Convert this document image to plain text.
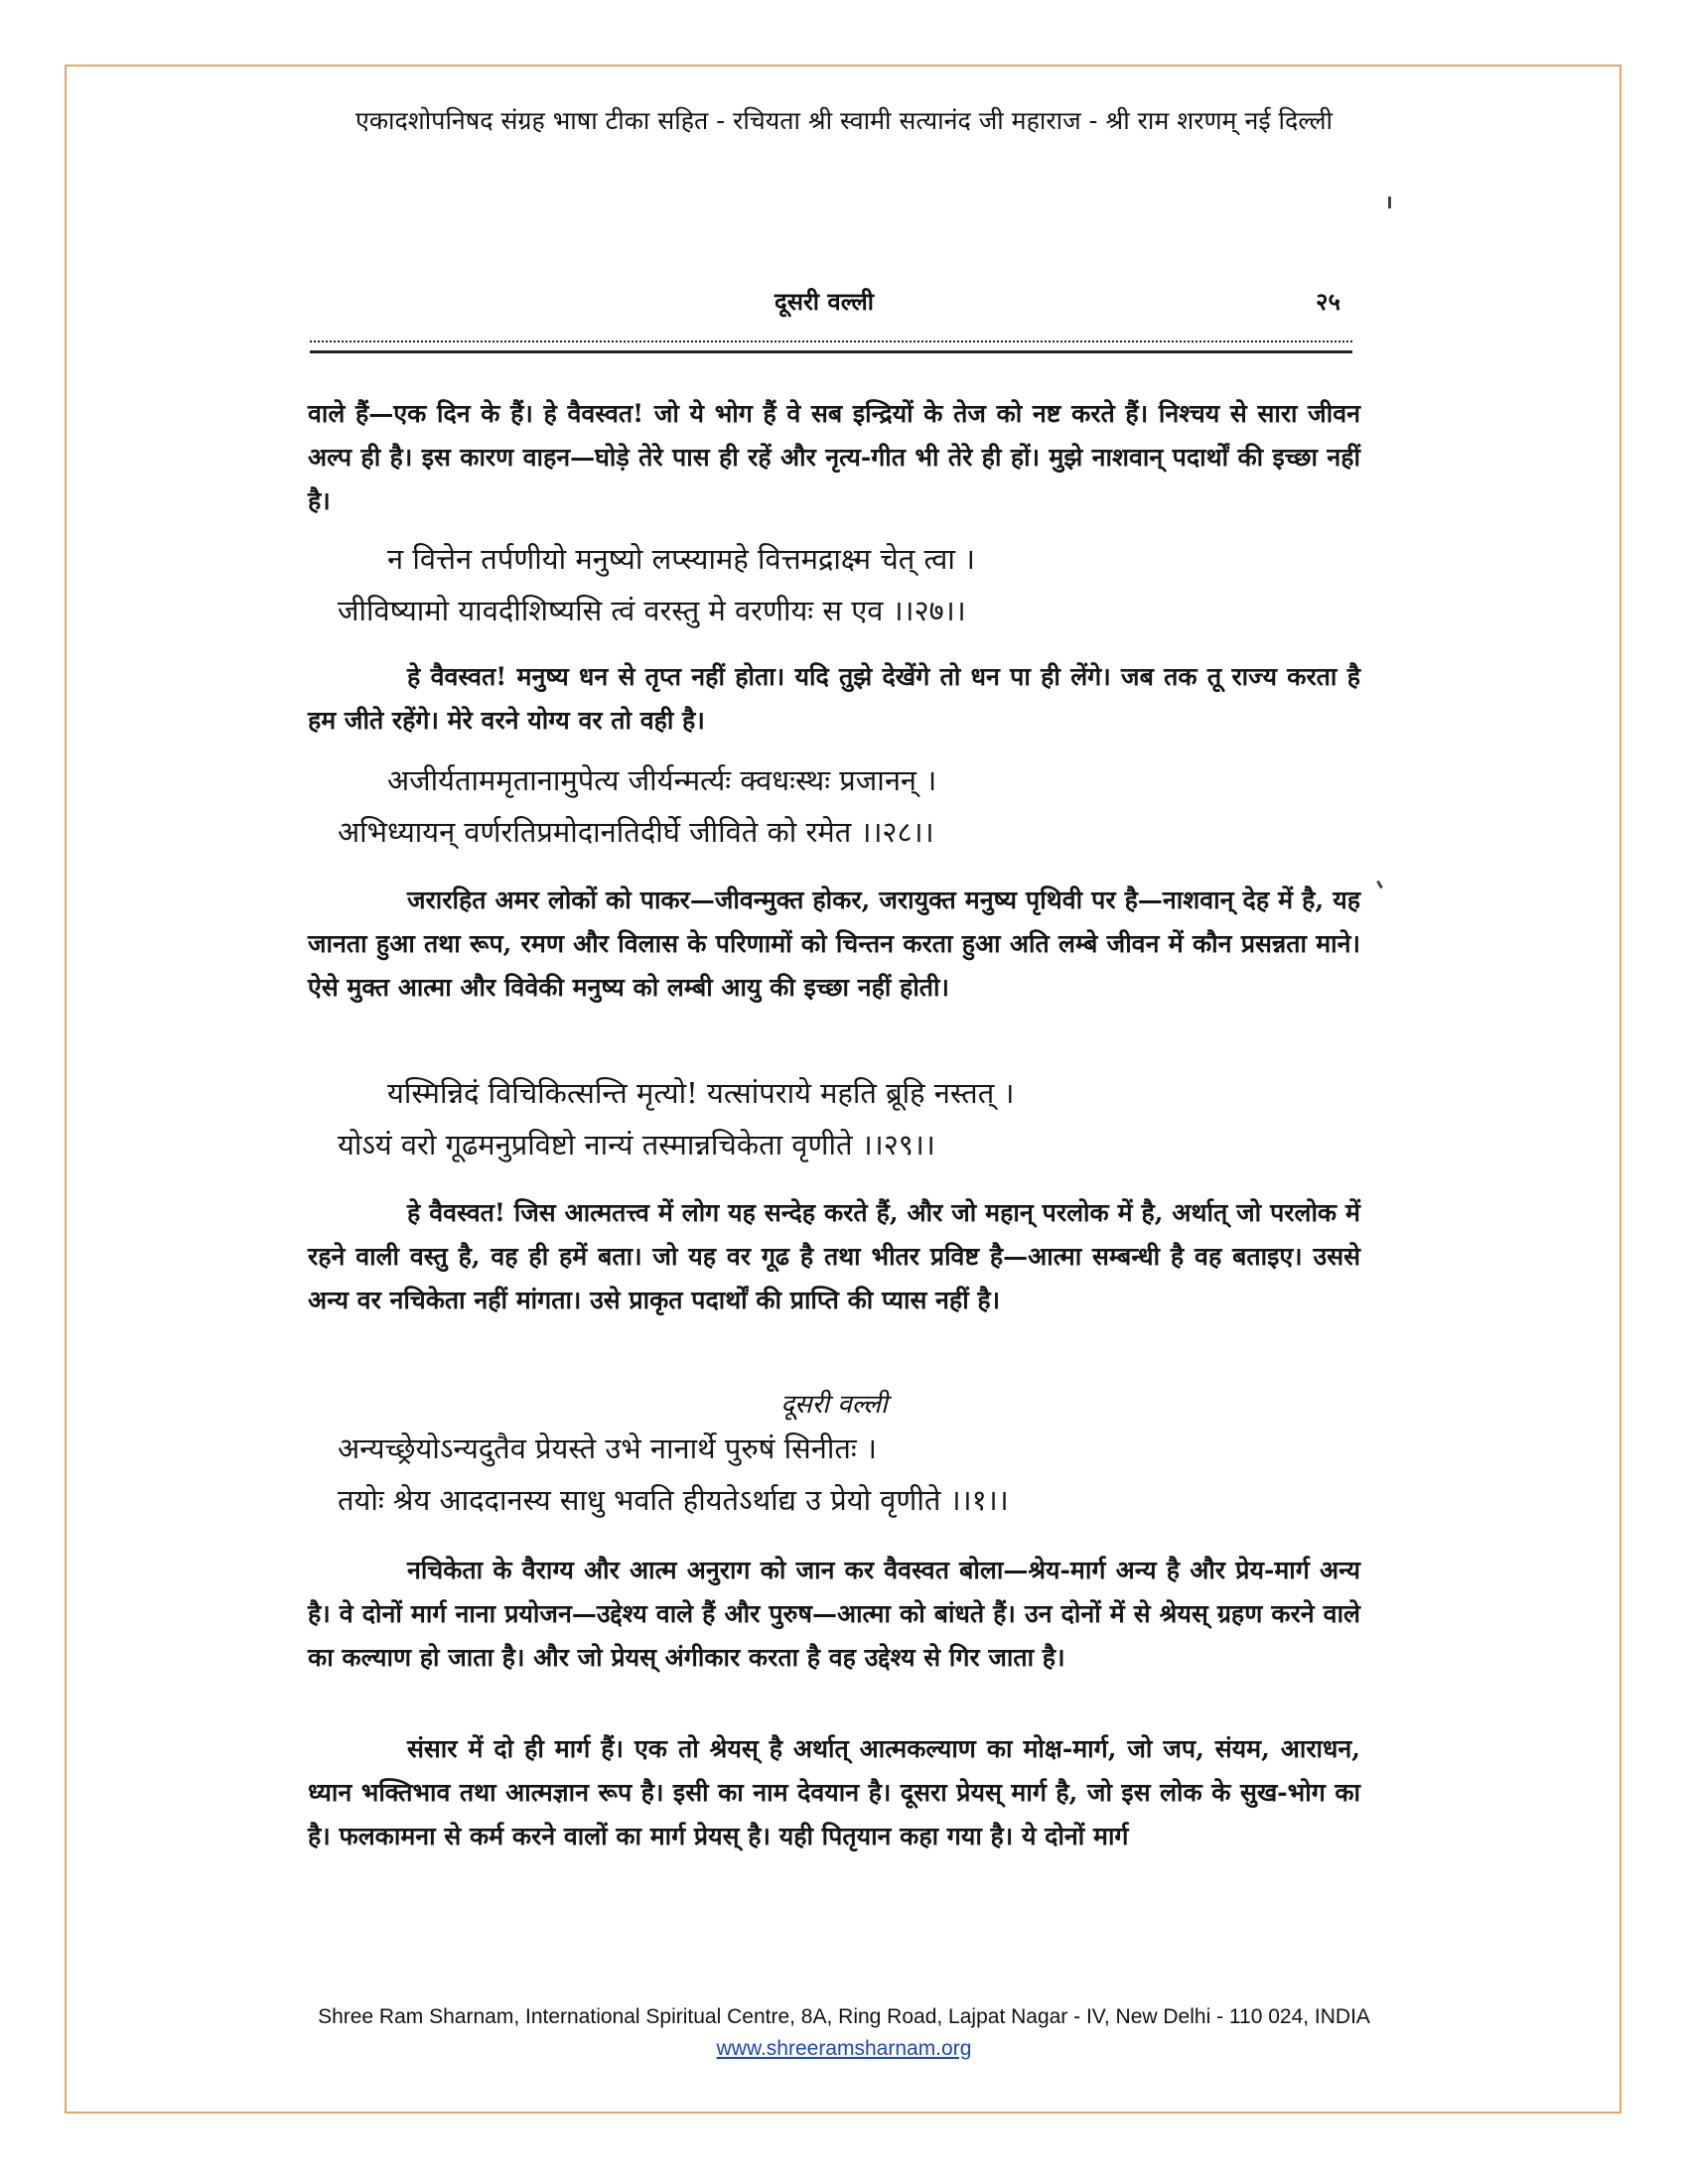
एकादशोपनिषद संग्रह भाषा टीका सहित - रचियता श्री स्वामी सत्यानंद जी महाराज - श्री राम शरणम् नई दिल्ली
दूसरी वल्ली	२५
वाले हैं—एक दिन के हैं। हे वैवस्वत! जो ये भोग हैं वे सब इन्द्रियों के तेज को नष्ट करते हैं। निश्चय से सारा जीवन अल्प ही है। इस कारण वाहन—घोड़े तेरे पास ही रहें और नृत्य-गीत भी तेरे ही हों। मुझे नाशवान् पदार्थों की इच्छा नहीं है।
न वित्तेन तर्पणीयो मनुष्यो लप्स्यामहे वित्तमद्राक्ष्म चेत् त्वा ।
जीविष्यामो यावदीशिष्यसि त्वं वरस्तु मे वरणीयः स एव ।।२७।।
हे वैवस्वत! मनुष्य धन से तृप्त नहीं होता। यदि तुझे देखेंगे तो धन पा ही लेंगे। जब तक तू राज्य करता है हम जीते रहेंगे। मेरे वरने योग्य वर तो वही है।
अजीर्यताममृतानामुपेत्य जीर्यन्मर्त्यः क्वधःस्थः प्रजानन् ।
अभिध्यायन् वर्णरतिप्रमोदानतिदीर्घे जीविते को रमेत ।।२८।।
जरारहित अमर लोकों को पाकर—जीवन्मुक्त होकर, जरायुक्त मनुष्य पृथिवी पर है—नाशवान् देह में है, यह जानता हुआ तथा रूप, रमण और विलास के परिणामों को चिन्तन करता हुआ अति लम्बे जीवन में कौन प्रसन्नता माने। ऐसे मुक्त आत्मा और विवेकी मनुष्य को लम्बी आयु की इच्छा नहीं होती।
यस्मिन्निदं विचिकित्सन्ति मृत्यो! यत्सांपराये महति ब्रूहि नस्तत् ।
योऽयं वरो गूढमनुप्रविष्टो नान्यं तस्मान्नचिकेता वृणीते ।।२९।।
हे वैवस्वत! जिस आत्मतत्त्व में लोग यह सन्देह करते हैं, और जो महान् परलोक में है, अर्थात् जो परलोक में रहने वाली वस्तु है, वह ही हमें बता। जो यह वर गूढ है तथा भीतर प्रविष्ट है—आत्मा सम्बन्धी है वह बताइए। उससे अन्य वर नचिकेता नहीं मांगता। उसे प्राकृत पदार्थों की प्राप्ति की प्यास नहीं है।
दूसरी वल्ली
अन्यच्छ्रेयोऽन्यदुतैव प्रेयस्ते उभे नानार्थे पुरुषं सिनीतः ।
तयोः श्रेय आददानस्य साधु भवति हीयतेऽर्थाद्य उ प्रेयो वृणीते ।।१।।
नचिकेता के वैराग्य और आत्म अनुराग को जान कर वैवस्वत बोला—श्रेय-मार्ग अन्य है और प्रेय-मार्ग अन्य है। वे दोनों मार्ग नाना प्रयोजन—उद्देश्य वाले हैं और पुरुष—आत्मा को बांधते हैं। उन दोनों में से श्रेयस् ग्रहण करने वाले का कल्याण हो जाता है। और जो प्रेयस् अंगीकार करता है वह उद्देश्य से गिर जाता है।
संसार में दो ही मार्ग हैं। एक तो श्रेयस् है अर्थात् आत्मकल्याण का मोक्ष-मार्ग, जो जप, संयम, आराधन, ध्यान भक्तिभाव तथा आत्मज्ञान रूप है। इसी का नाम देवयान है। दूसरा प्रेयस् मार्ग है, जो इस लोक के सुख-भोग का है। फलकामना से कर्म करने वालों का मार्ग प्रेयस् है। यही पितृयान कहा गया है। ये दोनों मार्ग
Shree Ram Sharnam, International Spiritual Centre, 8A, Ring Road, Lajpat Nagar - IV, New Delhi - 110 024, INDIA
www.shreeramsharnam.org
